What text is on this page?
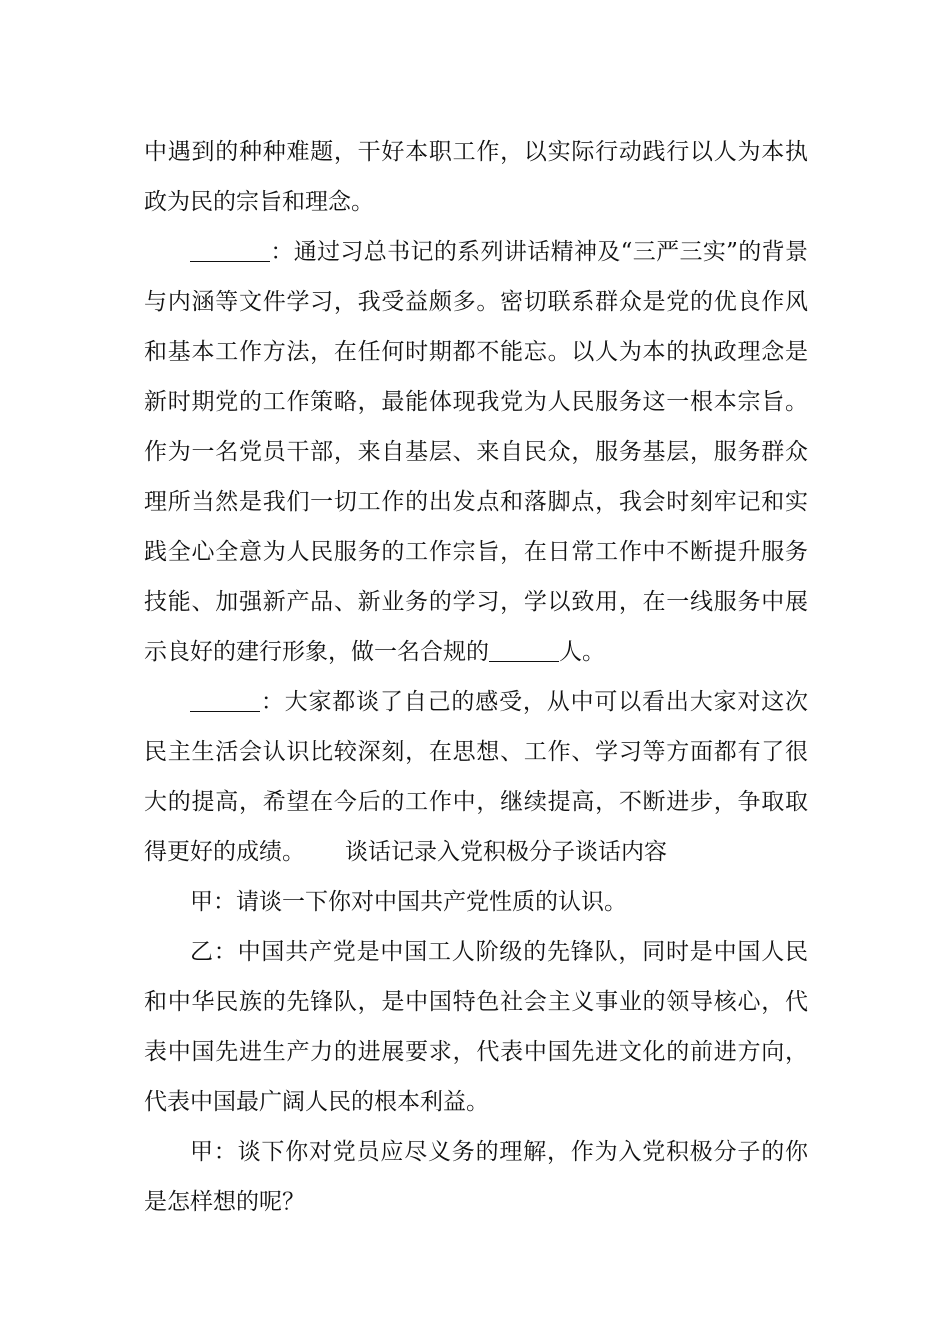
中遇到的种种难题，干好本职工作，以实际行动践行以人为本执政为民的宗旨和理念。

：通过习总书记的系列讲话精神及“三严三实”的背景与内涵等文件学习，我受益颇多。密切联系群众是党的优良作风和基本工作方法，在任何时期都不能忘。以人为本的执政理念是新时期党的工作策略，最能体现我党为人民服务这一根本宗旨。作为一名党员干部，来自基层、来自民众，服务基层，服务群众理所当然是我们一切工作的出发点和落脚点，我会时刻牢记和实践全心全意为人民服务的工作宗旨，在日常工作中不断提升服务技能、加强新产品、新业务的学习，学以致用，在一线服务中展示良好的建行形象，做一名合规的	人。

：大家都谈了自己的感受，从中可以看出大家对这次民主生活会认识比较深刻，在思想、工作、学习等方面都有了很大的提高，希望在今后的工作中，继续提高，不断进步，争取取得更好的成绩。 谈话记录入党积极分子谈话内容

甲：请谈一下你对中国共产党性质的认识。

乙：中国共产党是中国工人阶级的先锋队，同时是中国人民和中华民族的先锋队，是中国特色社会主义事业的领导核心，代表中国先进生产力的进展要求，代表中国先进文化的前进方向，代表中国最广阔人民的根本利益。

甲：谈下你对党员应尽义务的理解，作为入党积极分子的你是怎样想的呢？
